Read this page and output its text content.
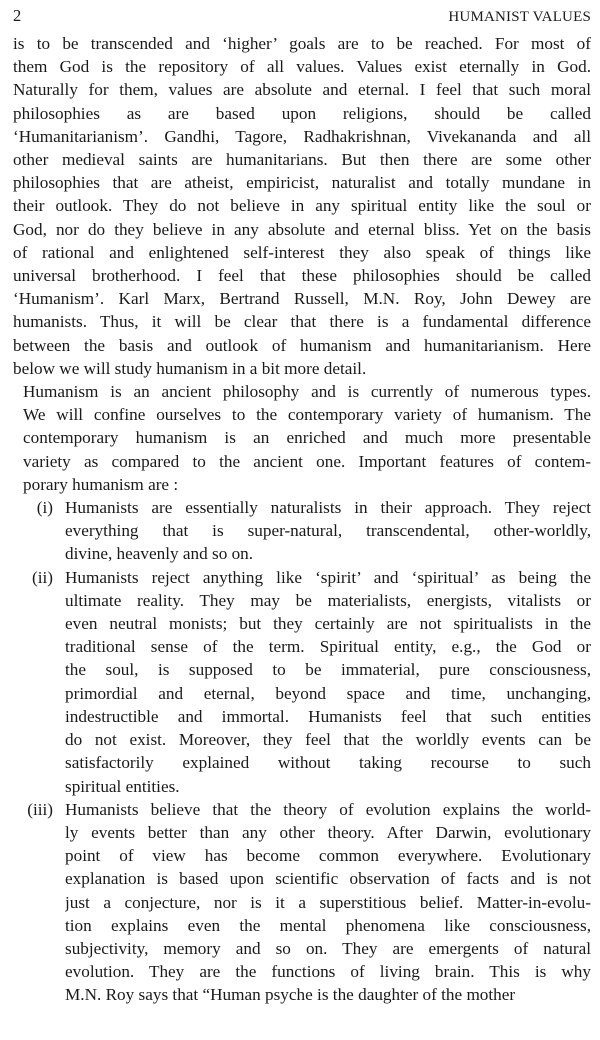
2	HUMANIST VALUES
is to be transcended and ‘higher’ goals are to be reached. For most of
them God is the repository of all values. Values exist eternally in God.
Naturally for them, values are absolute and eternal. I feel that such moral
philosophies as are based upon religions, should be called
‘Humanitarianism’. Gandhi, Tagore, Radhakrishnan, Vivekananda and all
other medieval saints are humanitarians. But then there are some other
philosophies that are atheist, empiricist, naturalist and totally mundane in
their outlook. They do not believe in any spiritual entity like the soul or
God, nor do they believe in any absolute and eternal bliss. Yet on the basis
of rational and enlightened self-interest they also speak of things like
universal brotherhood. I feel that these philosophies should be called
‘Humanism’. Karl Marx, Bertrand Russell, M.N. Roy, John Dewey are
humanists. Thus, it will be clear that there is a fundamental difference
between the basis and outlook of humanism and humanitarianism. Here
below we will study humanism in a bit more detail.
Humanism is an ancient philosophy and is currently of numerous types.
We will confine ourselves to the contemporary variety of humanism. The
contemporary humanism is an enriched and much more presentable
variety as compared to the ancient one. Important features of contem-
porary humanism are :
(i) Humanists are essentially naturalists in their approach. They reject
everything that is super-natural, transcendental, other-worldly,
divine, heavenly and so on.
(ii) Humanists reject anything like ‘spirit’ and ‘spiritual’ as being the
ultimate reality. They may be materialists, energists, vitalists or
even neutral monists; but they certainly are not spiritualists in the
traditional sense of the term. Spiritual entity, e.g., the God or
the soul, is supposed to be immaterial, pure consciousness,
primordial and eternal, beyond space and time, unchanging,
indestructible and immortal. Humanists feel that such entities
do not exist. Moreover, they feel that the worldly events can be
satisfactorily explained without taking recourse to such
spiritual entities.
(iii) Humanists believe that the theory of evolution explains the world-
ly events better than any other theory. After Darwin, evolutionary
point of view has become common everywhere. Evolutionary
explanation is based upon scientific observation of facts and is not
just a conjecture, nor is it a superstitious belief. Matter-in-evolu-
tion explains even the mental phenomena like consciousness,
subjectivity, memory and so on. They are emergents of natural
evolution. They are the functions of living brain. This is why
M.N. Roy says that “Human psyche is the daughter of the mother
